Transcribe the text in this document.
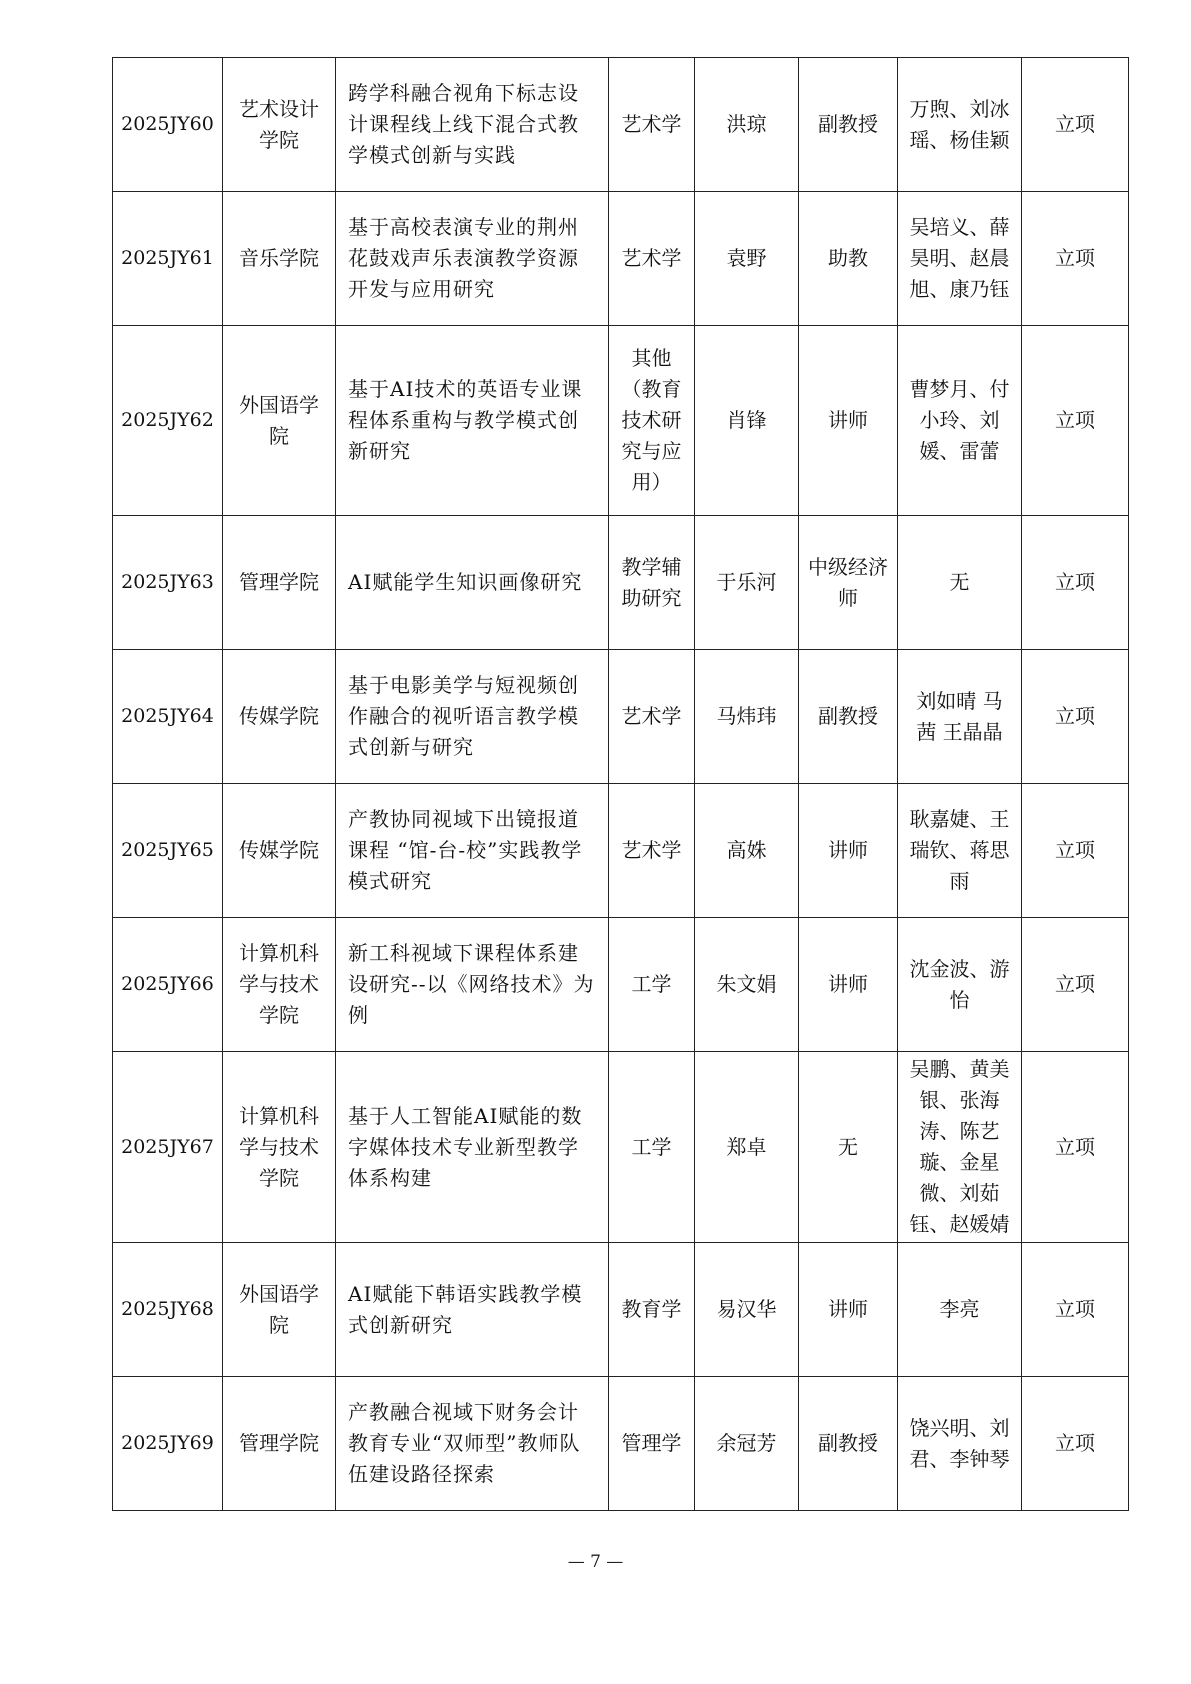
2025JY60	艺术设计学院	跨学科融合视角下标志设计课程线上线下混合式教学模式创新与实践	艺术学	洪琼	副教授	万煦、刘冰瑶、杨佳颖	立项
2025JY61	音乐学院	基于高校表演专业的荆州花鼓戏声乐表演教学资源开发与应用研究	艺术学	袁野	助教	吴培义、薛昊明、赵晨旭、康乃钰	立项
2025JY62	外国语学院	基于AI技术的英语专业课程体系重构与教学模式创新研究	其他（教育技术研究与应用）	肖锋	讲师	曹梦月、付小玲、刘媛、雷蕾	立项
2025JY63	管理学院	AI赋能学生知识画像研究	教学辅助研究	于乐河	中级经济师	无	立项
2025JY64	传媒学院	基于电影美学与短视频创作融合的视听语言教学模式创新与研究	艺术学	马炜玮	副教授	刘如晴 马茜 王晶晶	立项
2025JY65	传媒学院	产教协同视域下出镜报道课程 “馆-台-校”实践教学模式研究	艺术学	高姝	讲师	耿嘉婕、王瑞钦、蒋思雨	立项
2025JY66	计算机科学与技术学院	新工科视域下课程体系建设研究--以《网络技术》为例	工学	朱文娟	讲师	沈金波、游怡	立项
2025JY67	计算机科学与技术学院	基于人工智能AI赋能的数字媒体技术专业新型教学体系构建	工学	郑卓	无	吴鹏、黄美银、张海涛、陈艺璇、金星微、刘茹钰、赵媛婧	立项
2025JY68	外国语学院	AI赋能下韩语实践教学模式创新研究	教育学	易汉华	讲师	李亮	立项
2025JY69	管理学院	产教融合视域下财务会计教育专业“双师型”教师队伍建设路径探索	管理学	余冠芳	副教授	饶兴明、刘君、李钟琴	立项
— 7 —
